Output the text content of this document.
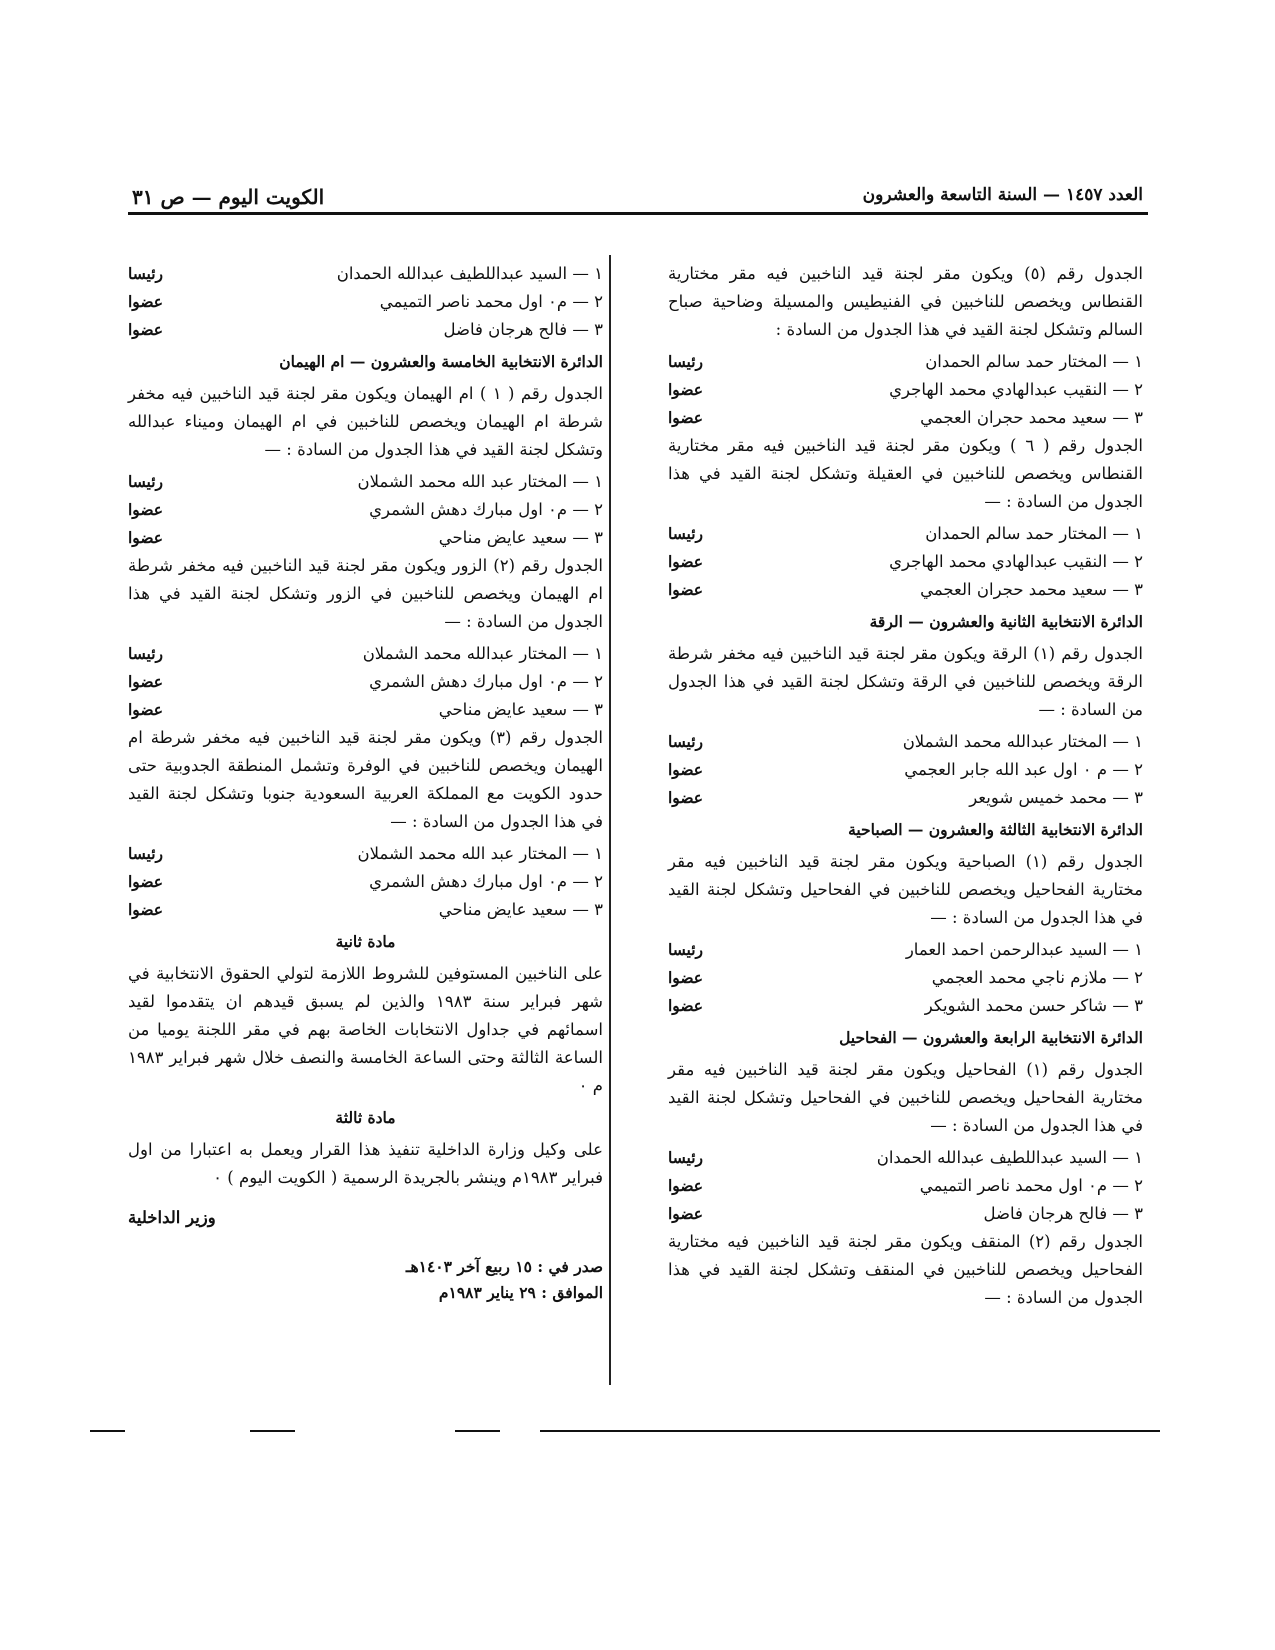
العدد ١٤٥٧ — السنة التاسعة والعشرون
الكويت اليوم — ص ٣١

الجدول رقم (٥) ويكون مقر لجنة قيد الناخبين فيه مقر مختارية القنطاس ويخصص للناخبين في الفنيطيس والمسيلة وضاحية صباح السالم وتشكل لجنة القيد في هذا الجدول من السادة :

١ — المختار حمد سالم الحمدان
رئيسا
٢ — النقيب عبدالهادي محمد الهاجري
عضوا
٣ — سعيد محمد حجران العجمي
عضوا

الجدول رقم ( ٦ ) ويكون مقر لجنة قيد الناخبين فيه مقر مختارية القنطاس ويخصص للناخبين في العقيلة وتشكل لجنة القيد في هذا الجدول من السادة : —

١ — المختار حمد سالم الحمدان
رئيسا
٢ — النقيب عبدالهادي محمد الهاجري
عضوا
٣ — سعيد محمد حجران العجمي
عضوا
الدائرة الانتخابية الثانية والعشرون — الرقة

الجدول رقم (١) الرقة ويكون مقر لجنة قيد الناخبين فيه مخفر شرطة الرقة ويخصص للناخبين في الرقة وتشكل لجنة القيد في هذا الجدول من السادة : —

١ — المختار عبدالله محمد الشملان
رئيسا
٢ — م ٠ اول عبد الله جابر العجمي
عضوا
٣ — محمد خميس شويعر
عضوا
الدائرة الانتخابية الثالثة والعشرون — الصباحية

الجدول رقم (١) الصباحية ويكون مقر لجنة قيد الناخبين فيه مقر مختارية الفحاحيل ويخصص للناخبين في الفحاحيل وتشكل لجنة القيد في هذا الجدول من السادة : —

١ — السيد عبدالرحمن احمد العمار
رئيسا
٢ — ملازم ناجي محمد العجمي
عضوا
٣ — شاكر حسن محمد الشويكر
عضوا
الدائرة الانتخابية الرابعة والعشرون — الفحاحيل

الجدول رقم (١) الفحاحيل ويكون مقر لجنة قيد الناخبين فيه مقر مختارية الفحاحيل ويخصص للناخبين في الفحاحيل وتشكل لجنة القيد في هذا الجدول من السادة : —

١ — السيد عبداللطيف عبدالله الحمدان
رئيسا
٢ — م٠ اول محمد ناصر التميمي
عضوا
٣ — فالح هرجان فاضل
عضوا

الجدول رقم (٢) المنقف ويكون مقر لجنة قيد الناخبين فيه مختارية الفحاحيل ويخصص للناخبين في المنقف وتشكل لجنة القيد في هذا الجدول من السادة : —

١ — السيد عبداللطيف عبدالله الحمدان
رئيسا
٢ — م٠ اول محمد ناصر التميمي
عضوا
٣ — فالح هرجان فاضل
عضوا
الدائرة الانتخابية الخامسة والعشرون — ام الهيمان

الجدول رقم ( ١ ) ام الهيمان ويكون مقر لجنة قيد الناخبين فيه مخفر شرطة ام الهيمان ويخصص للناخبين في ام الهيمان وميناء عبدالله وتشكل لجنة القيد في هذا الجدول من السادة : —

١ — المختار عبد الله محمد الشملان
رئيسا
٢ — م٠ اول مبارك دهش الشمري
عضوا
٣ — سعيد عايض مناحي
عضوا

الجدول رقم (٢) الزور ويكون مقر لجنة قيد الناخبين فيه مخفر شرطة ام الهيمان ويخصص للناخبين في الزور وتشكل لجنة القيد في هذا الجدول من السادة : —

١ — المختار عبدالله محمد الشملان
رئيسا
٢ — م٠ اول مبارك دهش الشمري
عضوا
٣ — سعيد عايض مناحي
عضوا

الجدول رقم (٣) ويكون مقر لجنة قيد الناخبين فيه مخفر شرطة ام الهيمان ويخصص للناخبين في الوفرة وتشمل المنطقة الجدوبية حتى حدود الكويت مع المملكة العربية السعودية جنوبا وتشكل لجنة القيد في هذا الجدول من السادة : —

١ — المختار عبد الله محمد الشملان
رئيسا
٢ — م٠ اول مبارك دهش الشمري
عضوا
٣ — سعيد عايض مناحي
عضوا
مادة ثانية

على الناخبين المستوفين للشروط اللازمة لتولي الحقوق الانتخابية في شهر فبراير سنة ١٩٨٣ والذين لم يسبق قيدهم ان يتقدموا لقيد اسمائهم في جداول الانتخابات الخاصة بهم في مقر اللجنة يوميا من الساعة الثالثة وحتى الساعة الخامسة والنصف خلال شهر فبراير ١٩٨٣ م ٠

مادة ثالثة

على وكيل وزارة الداخلية تنفيذ هذا القرار ويعمل به اعتبارا من اول فبراير ١٩٨٣م وينشر بالجريدة الرسمية ( الكويت اليوم ) ٠

وزير الداخلية
صدر في : ١٥ ربيع آخر ١٤٠٣هـ
الموافق : ٢٩ يناير ١٩٨٣م
